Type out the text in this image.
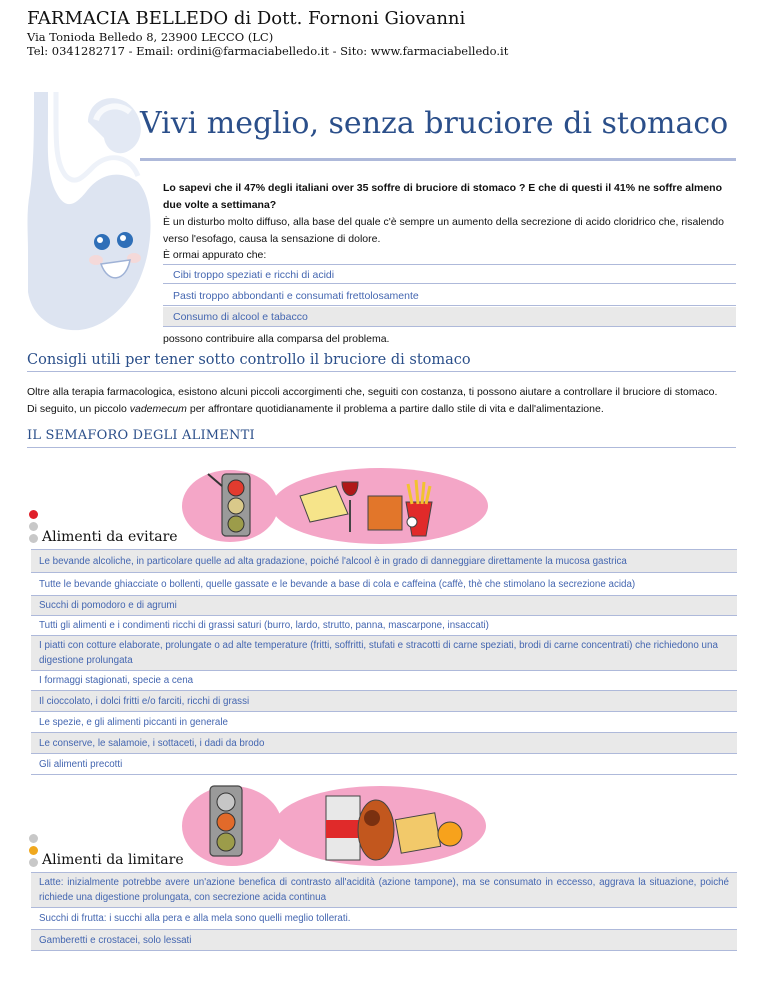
FARMACIA BELLEDO di Dott. Fornoni Giovanni
Via Tonioda Belledo 8, 23900 LECCO (LC)
Tel: 0341282717 - Email: ordini@farmaciabelledo.it - Sito: www.farmaciabelledo.it
Vivi meglio, senza bruciore di stomaco
Lo sapevi che il 47% degli italiani over 35 soffre di bruciore di stomaco ? E che di questi il 41% ne soffre almeno due volte a settimana?
È un disturbo molto diffuso, alla base del quale c'è sempre un aumento della secrezione di acido cloridrico che, risalendo verso l'esofago, causa la sensazione di dolore.
È ormai appurato che:
Cibi troppo speziati e ricchi di acidi
Pasti troppo abbondanti e consumati frettolosamente
Consumo di alcool e tabacco
possono contribuire alla comparsa del problema.
Consigli utili per tener sotto controllo il bruciore di stomaco
Oltre alla terapia farmacologica, esistono alcuni piccoli accorgimenti che, seguiti con costanza, ti possono aiutare a controllare il bruciore di stomaco.
Di seguito, un piccolo vademecum per affrontare quotidianamente il problema a partire dallo stile di vita e dall'alimentazione.
IL SEMAFORO DEGLI ALIMENTI
Alimenti da evitare
Le bevande alcoliche, in particolare quelle ad alta gradazione, poiché l'alcool è in grado di danneggiare direttamente la mucosa gastrica
Tutte le bevande ghiacciate o bollenti, quelle gassate e le bevande a base di cola e caffeina (caffè, thè che stimolano la secrezione acida)
Succhi di pomodoro e di agrumi
Tutti gli alimenti e i condimenti ricchi di grassi saturi (burro, lardo, strutto, panna, mascarpone, insaccati)
I piatti con cotture elaborate, prolungate o ad alte temperature (fritti, soffritti, stufati e stracotti di carne speziati, brodi di carne concentrati) che richiedono una digestione prolungata
I formaggi stagionati, specie a cena
Il cioccolato, i dolci fritti e/o farciti, ricchi di grassi
Le spezie, e gli alimenti piccanti in generale
Le conserve, le salamoie, i sottaceti, i dadi da brodo
Gli alimenti precotti
Alimenti da limitare
Latte: inizialmente potrebbe avere un'azione benefica di contrasto all'acidità (azione tampone), ma se consumato in eccesso, aggrava la situazione, poiché richiede una digestione prolungata, con secrezione acida continua
Succhi di frutta: i succhi alla pera e alla mela sono quelli meglio tollerati.
Gamberetti e crostacei, solo lessati
